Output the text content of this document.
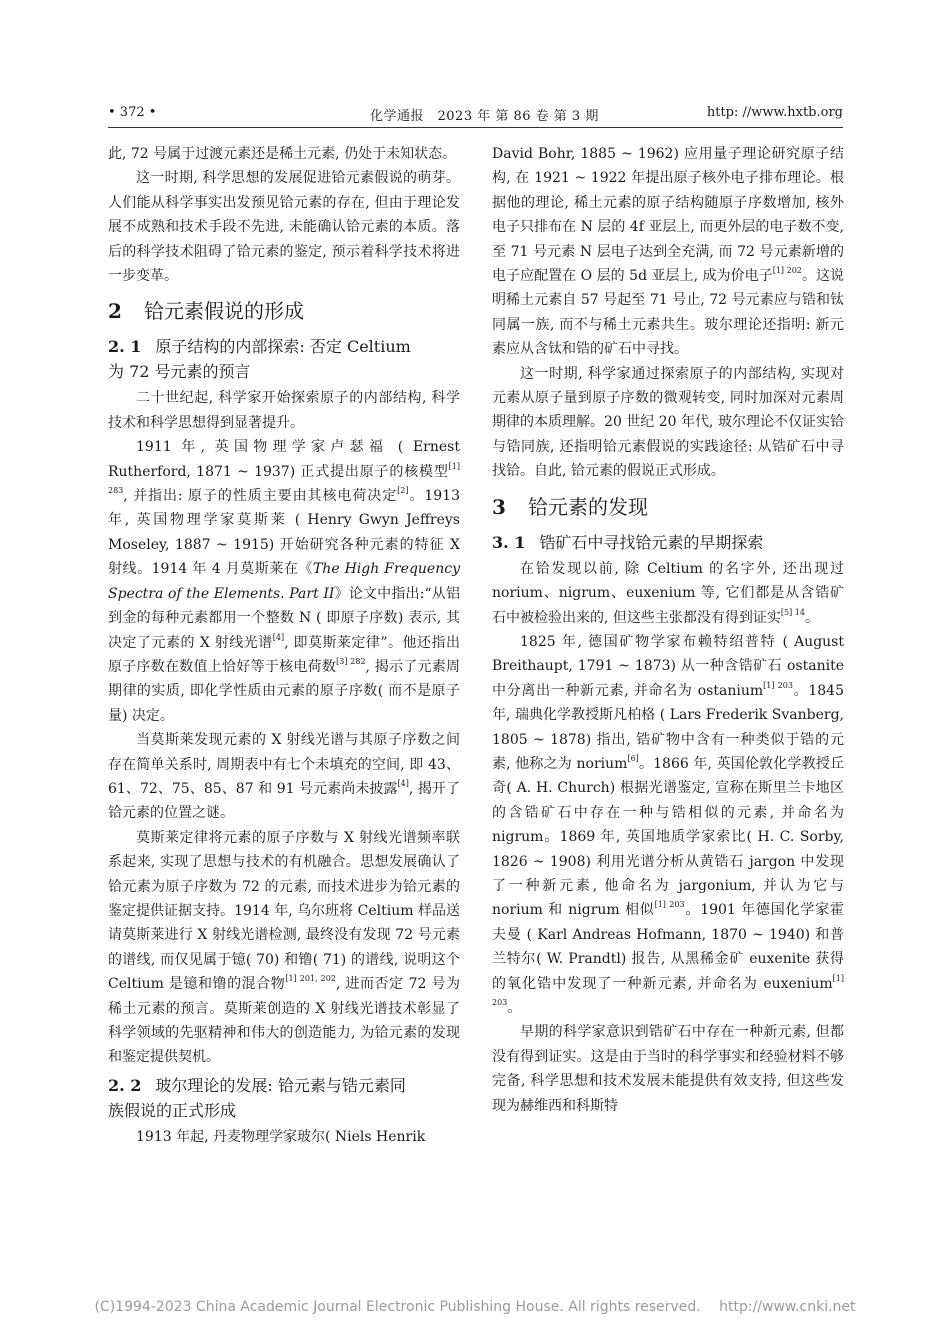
• 372 •	化学通报　2023 年 第 86 卷 第 3 期	http: //www.hxtb.org

此, 72 号属于过渡元素还是稀土元素, 仍处于未知状态。

这一时期, 科学思想的发展促进铪元素假说的萌芽。人们能从科学事实出发预见铪元素的存在, 但由于理论发展不成熟和技术手段不先进, 未能确认铪元素的本质。落后的科学技术阻碍了铪元素的鉴定, 预示着科学技术将进一步变革。

2 铪元素假说的形成
2. 1 原子结构的内部探索: 否定 Celtium
为 72 号元素的预言

二十世纪起, 科学家开始探索原子的内部结构, 科学技术和科学思想得到显著提升。

1911 年, 英国物理学家卢瑟福 ( Ernest Rutherford, 1871 ~ 1937) 正式提出原子的核模型$^{[1] 283}$, 并指出: 原子的性质主要由其核电荷决定[2]。1913 年, 英国物理学家莫斯莱 ( Henry Gwyn Jeffreys Moseley, 1887 ~ 1915) 开始研究各种元素的特征 X 射线。1914 年 4 月莫斯莱在《The High Frequency Spectra of the Elements. Part II》论文中指出:“从铝到金的每种元素都用一个整数 N ( 即原子序数) 表示, 其决定了元素的 X 射线光谱[4], 即莫斯莱定律”。他还指出原子序数在数值上恰好等于核电荷数$^{[3] 282}$, 揭示了元素周期律的实质, 即化学性质由元素的原子序数( 而不是原子量) 决定。

当莫斯莱发现元素的 X 射线光谱与其原子序数之间存在简单关系时, 周期表中有七个未填充的空间, 即 43、61、72、75、85、87 和 91 号元素尚未披露[4], 揭开了铪元素的位置之谜。

莫斯莱定律将元素的原子序数与 X 射线光谱频率联系起来, 实现了思想与技术的有机融合。思想发展确认了铪元素为原子序数为 72 的元素, 而技术进步为铪元素的鉴定提供证据支持。1914 年, 乌尔班将 Celtium 样品送请莫斯莱进行 X 射线光谱检测, 最终没有发现 72 号元素的谱线, 而仅见属于镱( 70) 和镥( 71) 的谱线, 说明这个 Celtium 是镱和镥的混合物$^{[1] 201, 202}$, 进而否定 72 号为稀土元素的预言。莫斯莱创造的 X 射线光谱技术彰显了科学领域的先驱精神和伟大的创造能力, 为铪元素的发现和鉴定提供契机。

2. 2 玻尔理论的发展: 铪元素与锆元素同
族假说的正式形成

1913 年起, 丹麦物理学家玻尔( Niels Henrik

David Bohr, 1885 ~ 1962) 应用量子理论研究原子结构, 在 1921 ~ 1922 年提出原子核外电子排布理论。根据他的理论, 稀土元素的原子结构随原子序数增加, 核外电子只排布在 N 层的 4f 亚层上, 而更外层的电子数不变, 至 71 号元素 N 层电子达到全充满, 而 72 号元素新增的电子应配置在 O 层的 5d 亚层上, 成为价电子$^{[1] 202}$。这说明稀土元素自 57 号起至 71 号止, 72 号元素应与锆和钛同属一族, 而不与稀土元素共生。玻尔理论还指明: 新元素应从含钛和锆的矿石中寻找。

这一时期, 科学家通过探索原子的内部结构, 实现对元素从原子量到原子序数的微观转变, 同时加深对元素周期律的本质理解。20 世纪 20 年代, 玻尔理论不仅证实铪与锆同族, 还指明铪元素假说的实践途径: 从锆矿石中寻找铪。自此, 铪元素的假说正式形成。

3 铪元素的发现
3. 1 锆矿石中寻找铪元素的早期探索

在铪发现以前, 除 Celtium 的名字外, 还出现过 norium、nigrum、euxenium 等, 它们都是从含锆矿石中被检验出来的, 但这些主张都没有得到证实$^{[5] 14}$。

1825 年, 德国矿物学家布赖特绍普特 ( August Breithaupt, 1791 ~ 1873) 从一种含锆矿石 ostanite 中分离出一种新元素, 并命名为 ostanium$^{[1] 203}$。1845 年, 瑞典化学教授斯凡柏格 ( Lars Frederik Svanberg, 1805 ~ 1878) 指出, 锆矿物中含有一种类似于锆的元素, 他称之为 norium[6]。1866 年, 英国伦敦化学教授丘奇( A. H. Church) 根据光谱鉴定, 宣称在斯里兰卡地区的含锆矿石中存在一种与锆相似的元素, 并命名为 nigrum。1869 年, 英国地质学家索比( H. C. Sorby, 1826 ~ 1908) 利用光谱分析从黄锆石 jargon 中发现了一种新元素, 他命名为 jargonium, 并认为它与 norium 和 nigrum 相似$^{[1] 203}$。1901 年德国化学家霍夫曼 ( Karl Andreas Hofmann, 1870 ~ 1940) 和普兰特尔( W. Prandtl) 报告, 从黑稀金矿 euxenite 获得的氧化锆中发现了一种新元素, 并命名为 euxenium$^{[1] 203}$。

早期的科学家意识到锆矿石中存在一种新元素, 但都没有得到证实。这是由于当时的科学事实和经验材料不够完备, 科学思想和技术发展未能提供有效支持, 但这些发现为赫维西和科斯特

(C)1994-2023 China Academic Journal Electronic Publishing House. All rights reserved.　 http://www.cnki.net
